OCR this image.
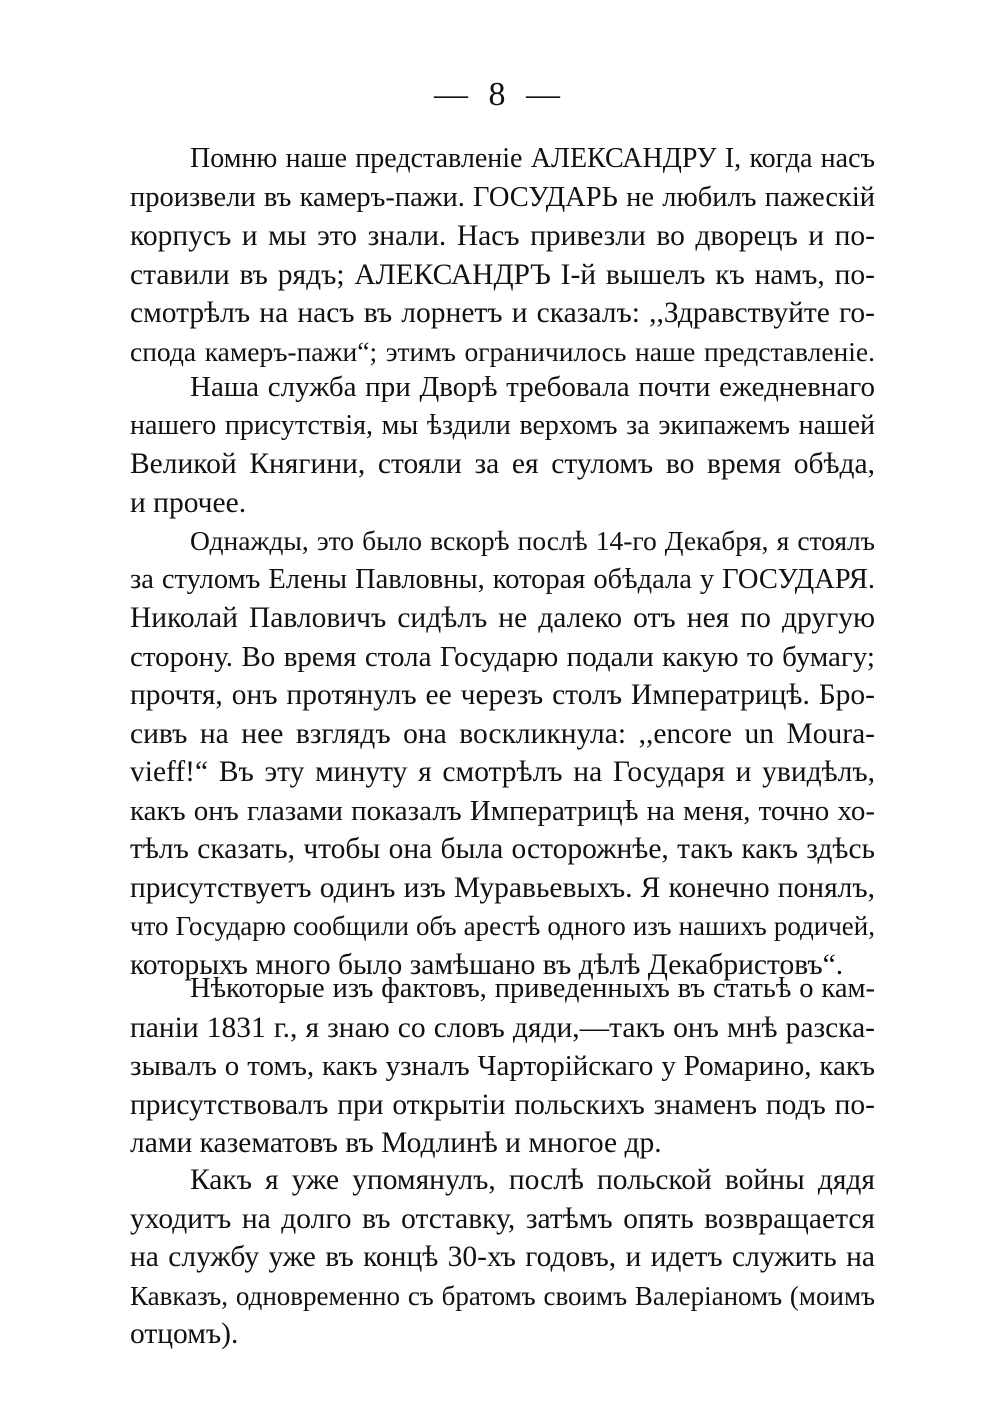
— 8 —
Помню наше представленіе АЛЕКСАНДРУ I, когда насъ
произвели въ камеръ-пажи. ГОСУДАРЬ не любилъ пажескій
корпусъ и мы это знали. Насъ привезли во дворецъ и по-
ставили въ рядъ; АЛЕКСАНДРЪ I-й вышелъ къ намъ, по-
смотрѣлъ на насъ въ лорнетъ и сказалъ: ,,Здравствуйте го-
спода камеръ-пажи“; этимъ ограничилось наше представленіе.
Наша служба при Дворѣ требовала почти ежедневнаго
нашего присутствія, мы ѣздили верхомъ за экипажемъ нашей
Великой Княгини, стояли за ея стуломъ во время обѣда,
и прочее.
Однажды, это было вскорѣ послѣ 14-го Декабря, я стоялъ
за стуломъ Елены Павловны, которая обѣдала у ГОСУДАРЯ.
Николай Павловичъ сидѣлъ не далеко отъ нея по другую
сторону. Во время стола Государю подали какую то бумагу;
прочтя, онъ протянулъ ее черезъ столъ Императрицѣ. Бро-
сивъ на нее взглядъ она воскликнула: ,,encore un Moura-
vieff!“ Въ эту минуту я смотрѣлъ на Государя и увидѣлъ,
какъ онъ глазами показалъ Императрицѣ на меня, точно хо-
тѣлъ сказать, чтобы она была осторожнѣе, такъ какъ здѣсь
присутствуетъ одинъ изъ Муравьевыхъ. Я конечно понялъ,
что Государю сообщили объ арестѣ одного изъ нашихъ родичей,
которыхъ много было замѣшано въ дѣлѣ Декабристовъ“.
Нѣкоторые изъ фактовъ, приведенныхъ въ статьѣ о кам-
паніи 1831 г., я знаю со словъ дяди,—такъ онъ мнѣ разска-
зывалъ о томъ, какъ узналъ Чарторійскаго у Ромарино, какъ
присутствовалъ при открытіи польскихъ знаменъ подъ по-
лами казематовъ въ Модлинѣ и многое др.
Какъ я уже упомянулъ, послѣ польской войны дядя
уходитъ на долго въ отставку, затѣмъ опять возвращается
на службу уже въ концѣ 30-хъ годовъ, и идетъ служить на
Кавказъ, одновременно съ братомъ своимъ Валеріаномъ (моимъ
отцомъ).
